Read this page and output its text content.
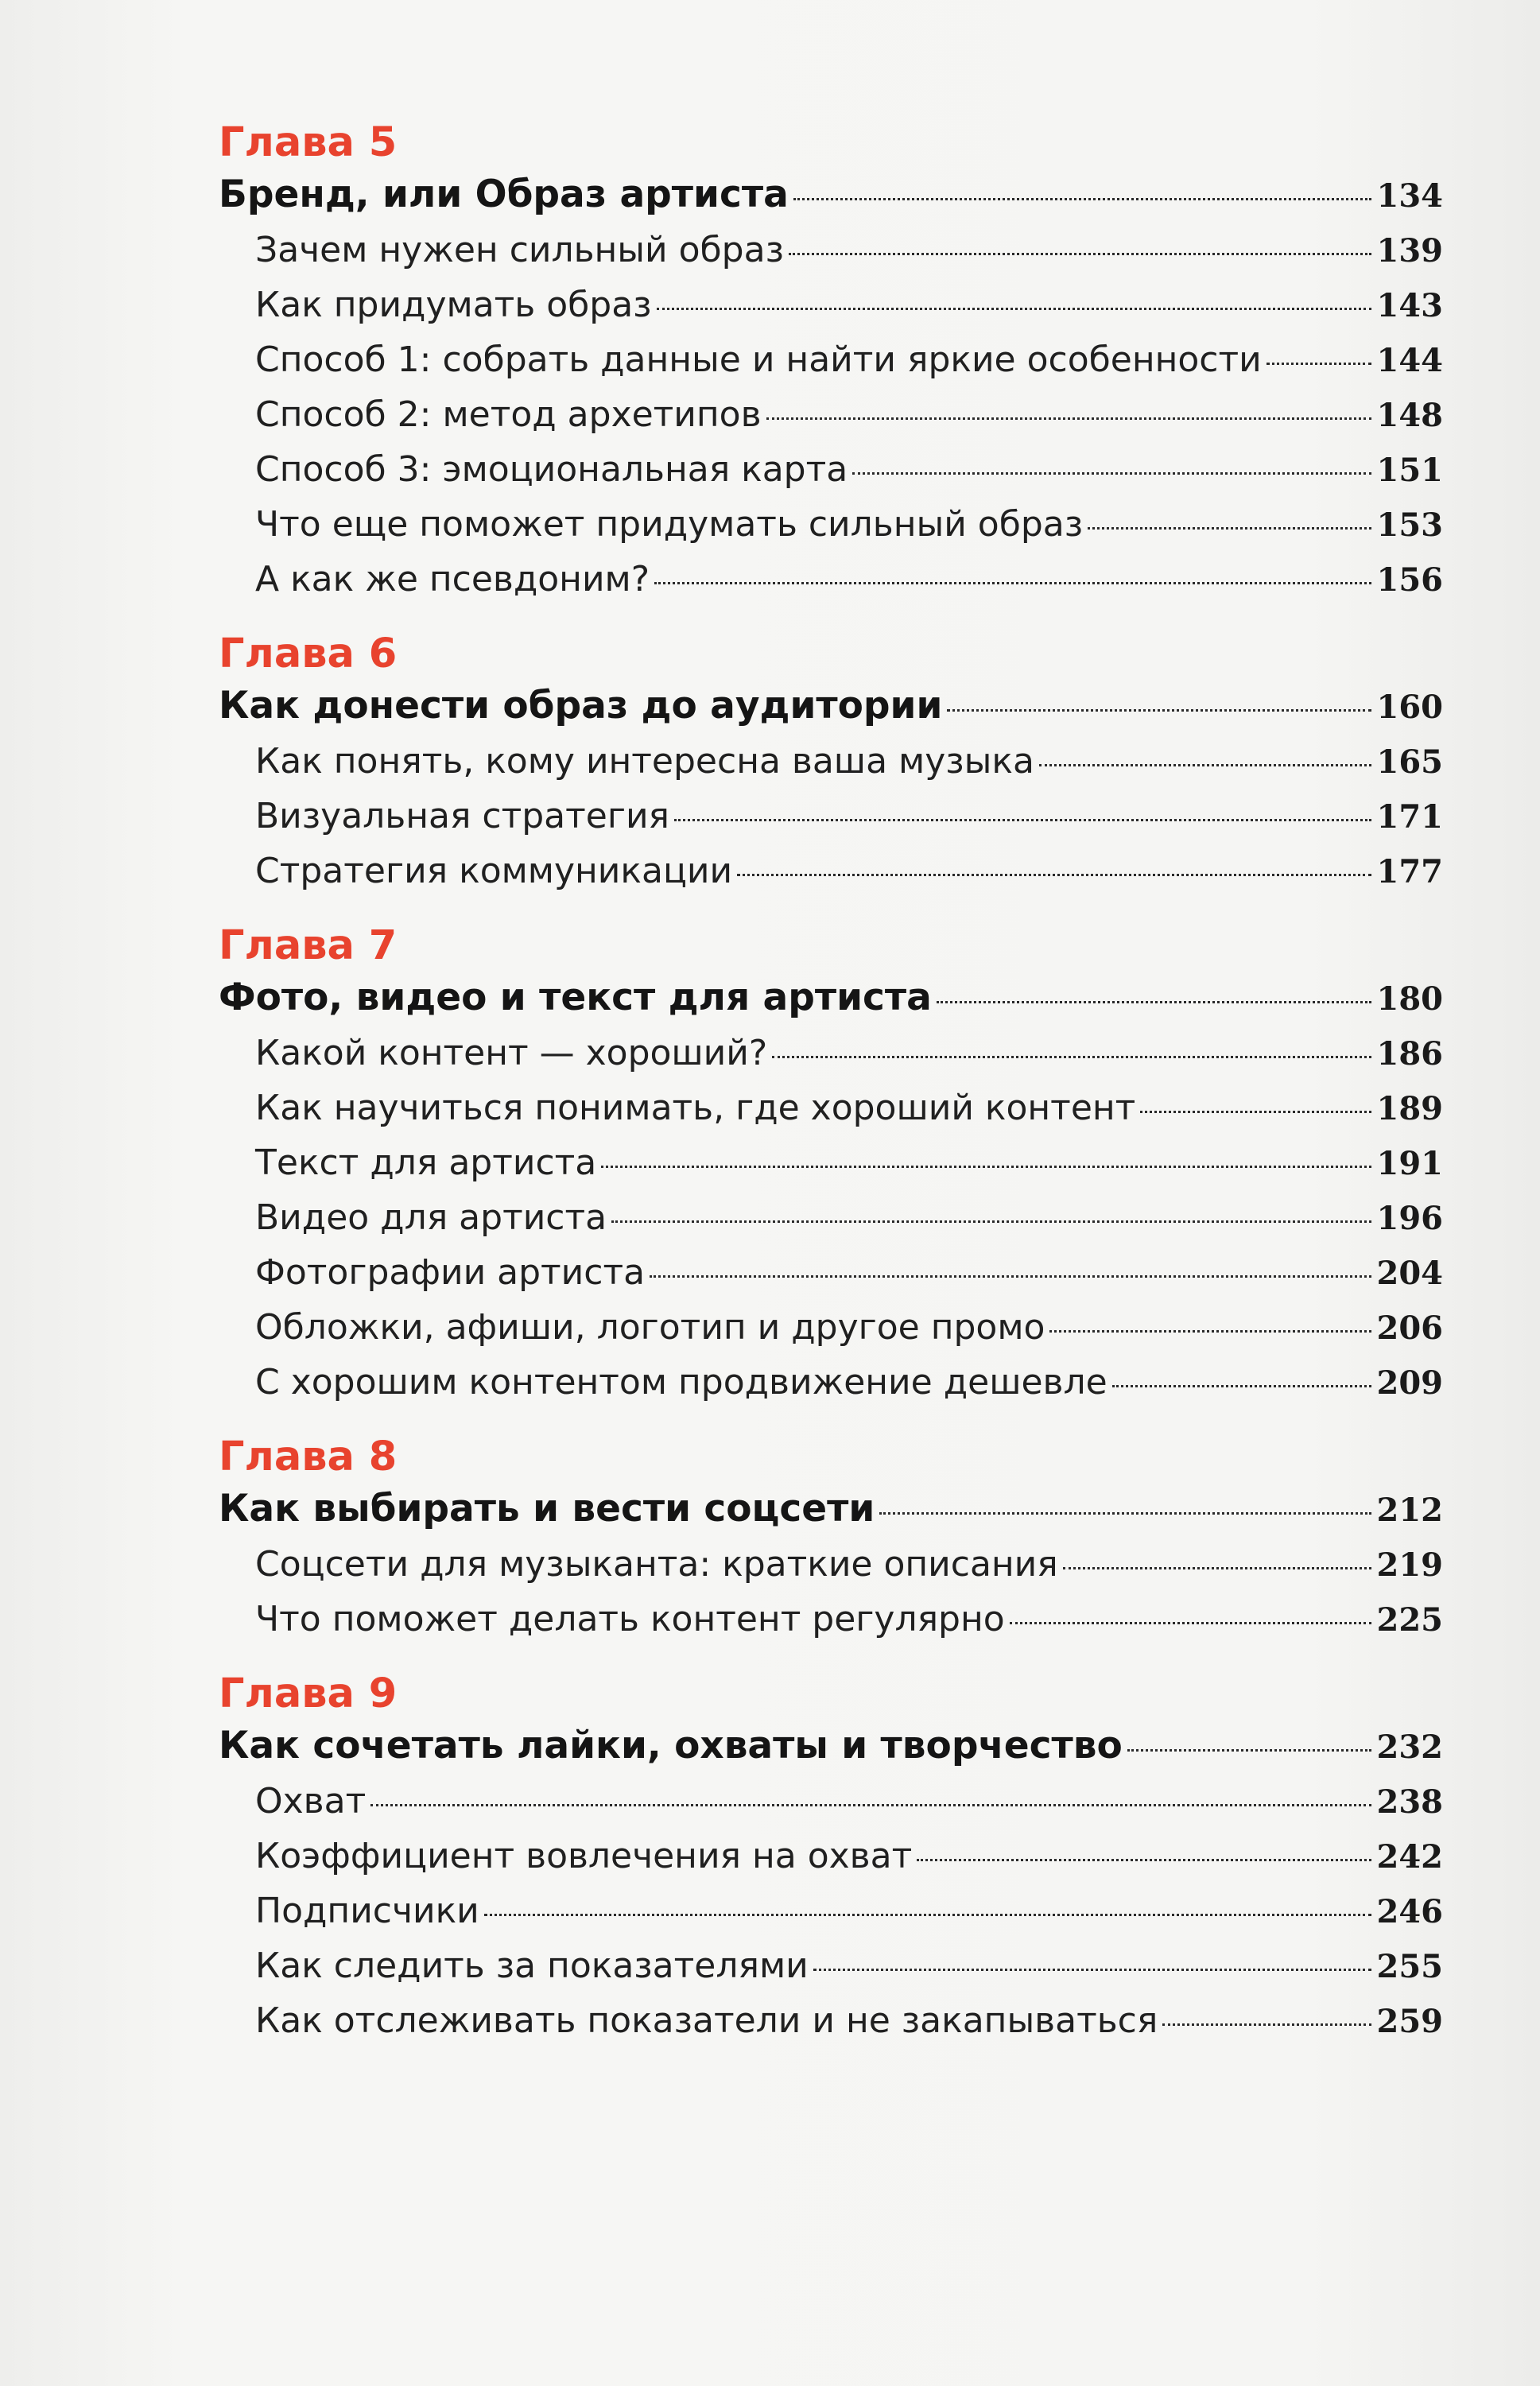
Глава 5
Бренд, или Образ артиста	134
Зачем нужен сильный образ	139
Как придумать образ	143
Способ 1: собрать данные и найти яркие особенности	144
Способ 2: метод архетипов	148
Способ 3: эмоциональная карта	151
Что еще поможет придумать сильный образ	153
А как же псевдоним?	156
Глава 6
Как донести образ до аудитории	160
Как понять, кому интересна ваша музыка	165
Визуальная стратегия	171
Стратегия коммуникации	177
Глава 7
Фото, видео и текст для артиста	180
Какой контент — хороший?	186
Как научиться понимать, где хороший контент	189
Текст для артиста	191
Видео для артиста	196
Фотографии артиста	204
Обложки, афиши, логотип и другое промо	206
С хорошим контентом продвижение дешевле	209
Глава 8
Как выбирать и вести соцсети	212
Соцсети для музыканта: краткие описания	219
Что поможет делать контент регулярно	225
Глава 9
Как сочетать лайки, охваты и творчество	232
Охват	238
Коэффициент вовлечения на охват	242
Подписчики	246
Как следить за показателями	255
Как отслеживать показатели и не закапываться	259
